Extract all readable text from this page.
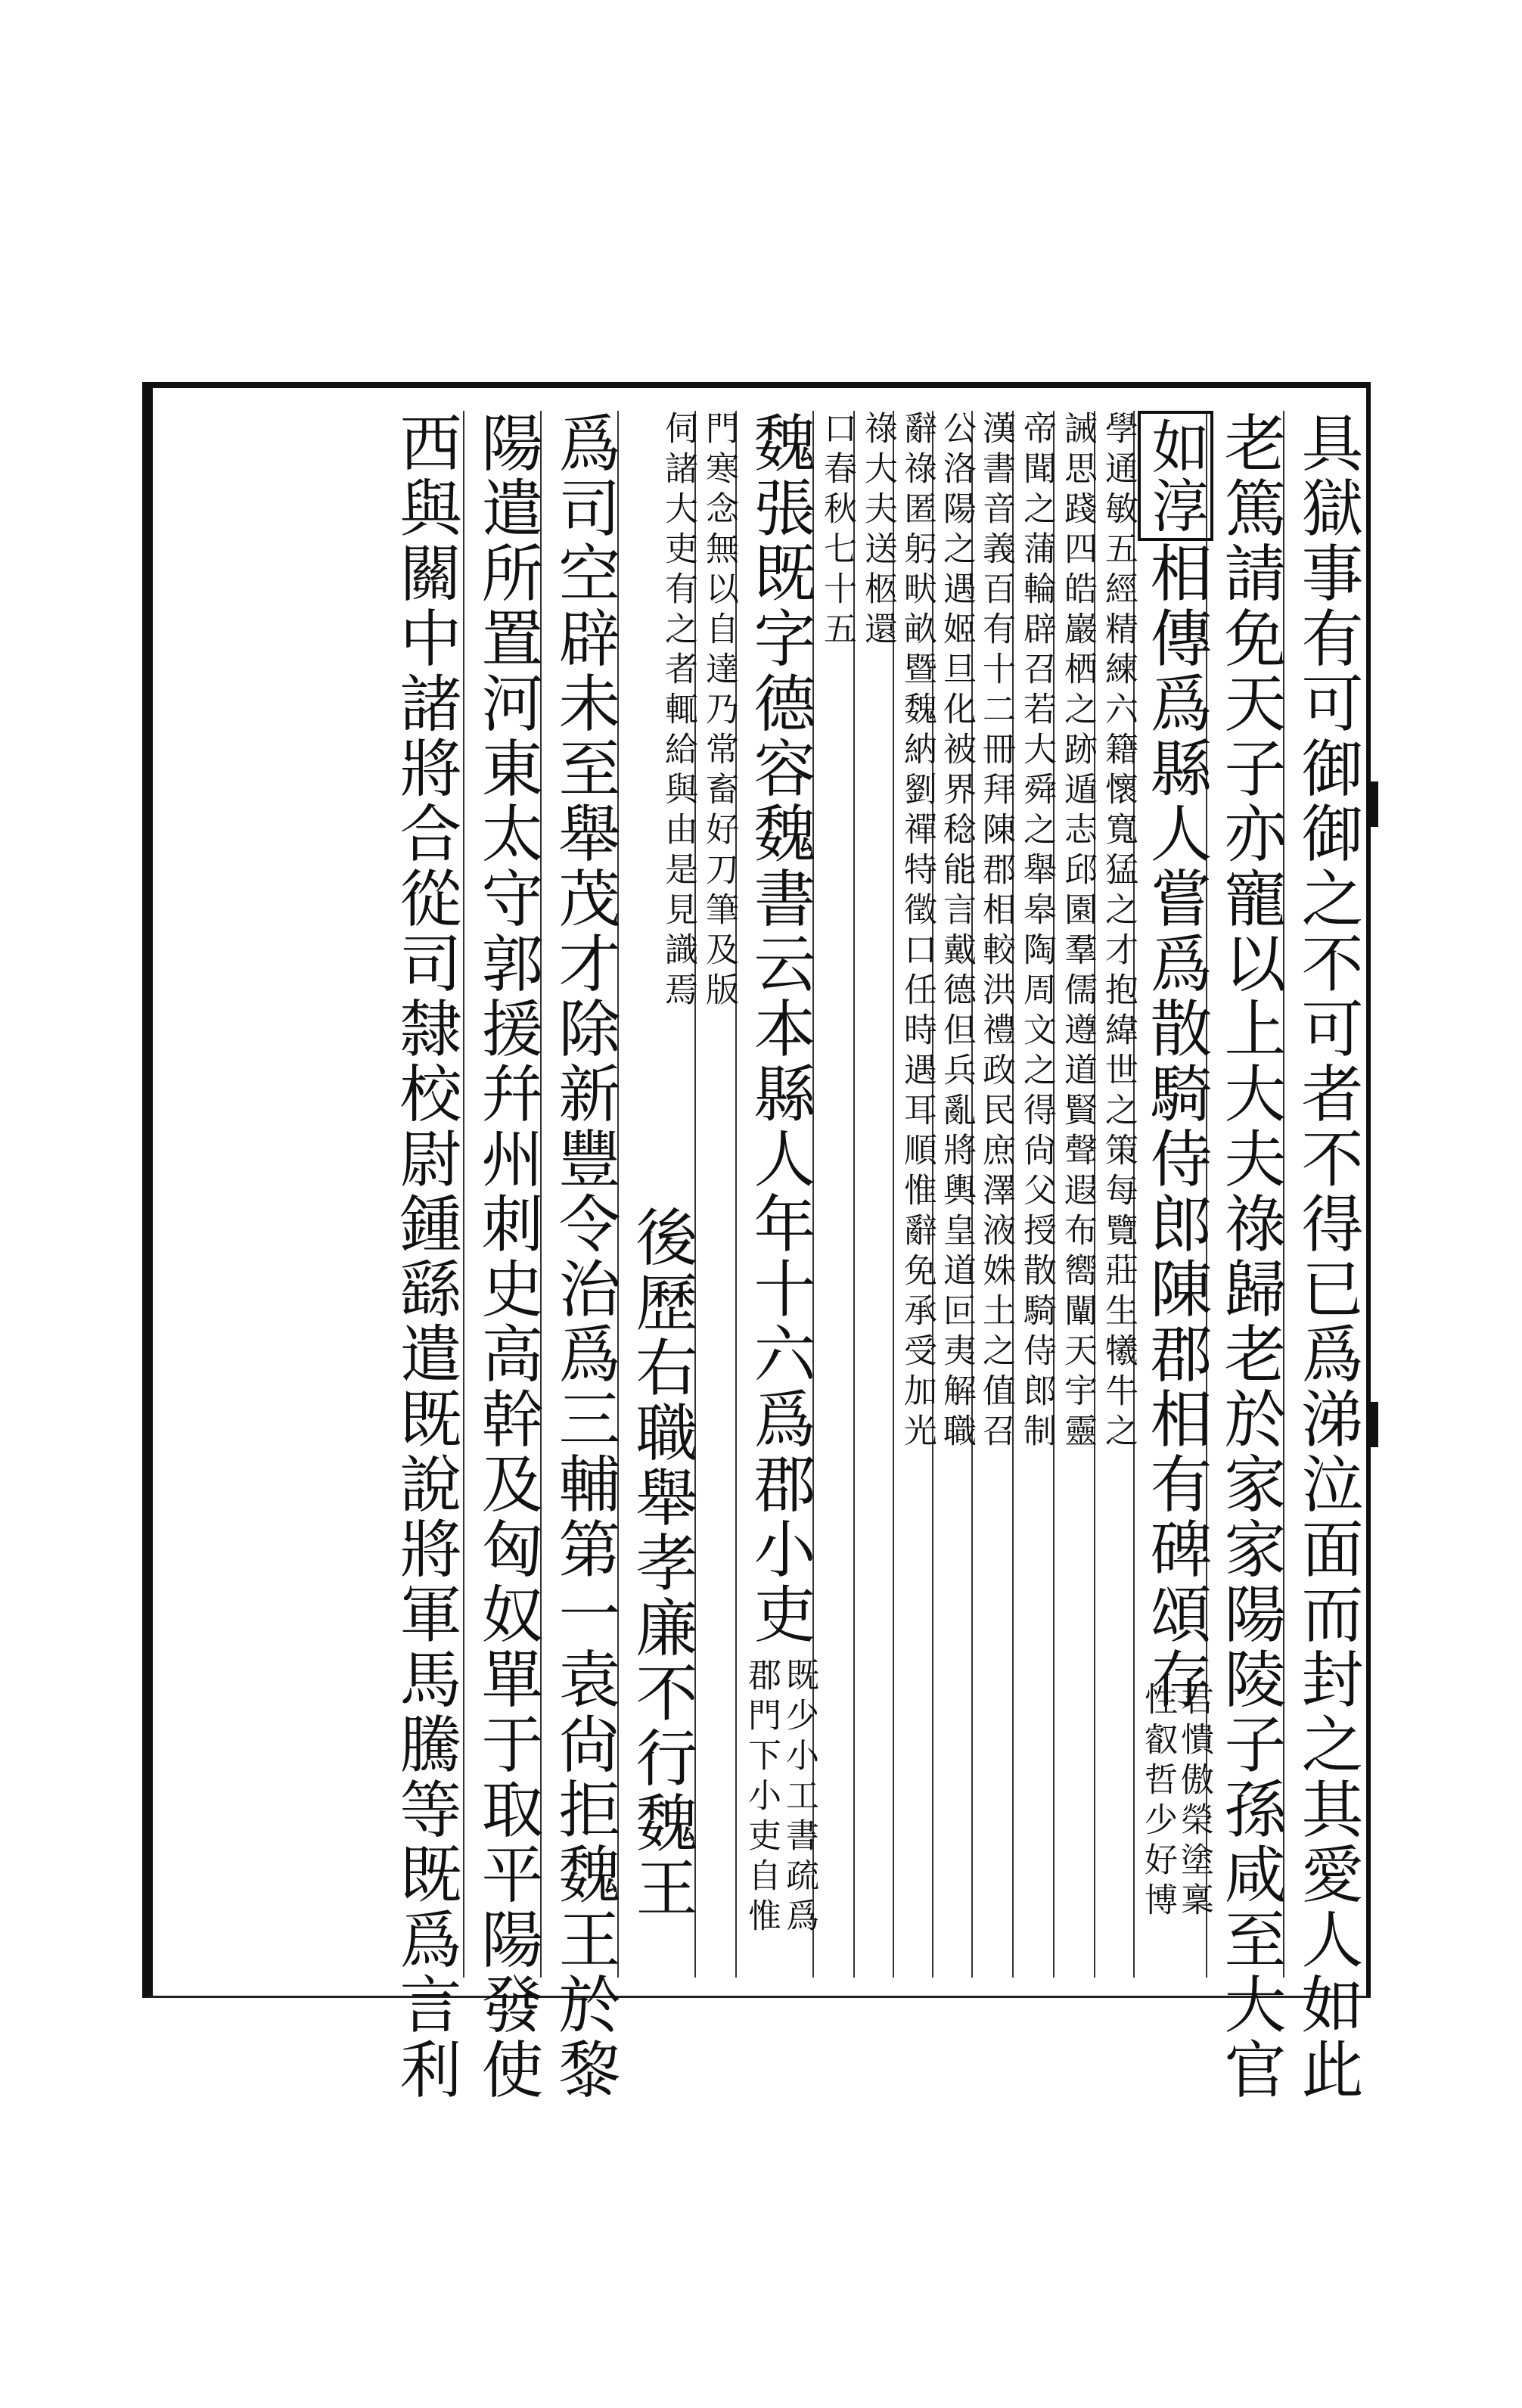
具獄事有可御御之不可者不得已爲涕泣面而封之其愛人如此
老篤請免天子亦寵以上大夫祿歸老於家家陽陵子孫咸至大官
如淳相傳爲縣人嘗爲散騎侍郎陳郡相有碑頌存
君憒傲榮塗稟
性叡哲少好博
學通敏五經精練六籍懷寬猛之才抱緯世之策每覽莊生犧牛之
誡思踐四皓巖栖之跡遁志邱園羣儒遵道賢聲遐布嚮闡天宇靈
帝聞之蒲輪辟召若大舜之舉皋陶周文之得尙父授散騎侍郎制
漢書音義百有十二冊拜陳郡相較洪禮政民庶澤液姝土之值召
公洛陽之遇姬旦化被界稔能言戴德但兵亂將輿皇道叵夷解職
辭祿匿躬畎畝暨魏納劉禪特徵口任時遇耳順惟辭免承受加光
祿大夫送柩還
口春秋七十五
魏張既字德容魏書云本縣人年十六爲郡小吏
既少小工書疏爲
郡門下小吏自惟
門寒念無以自達乃常畜好刀筆及版
伺諸大吏有之者輒給與由是見識焉
後歷右職舉孝廉不行魏王
爲司空辟未至舉茂才除新豐令治爲三輔第一袁尙拒魏王於黎
陽遣所置河東太守郭援幷州刺史高幹及匈奴單于取平陽發使
西與關中諸將合從司隸校尉鍾繇遣既說將軍馬騰等既爲言利
